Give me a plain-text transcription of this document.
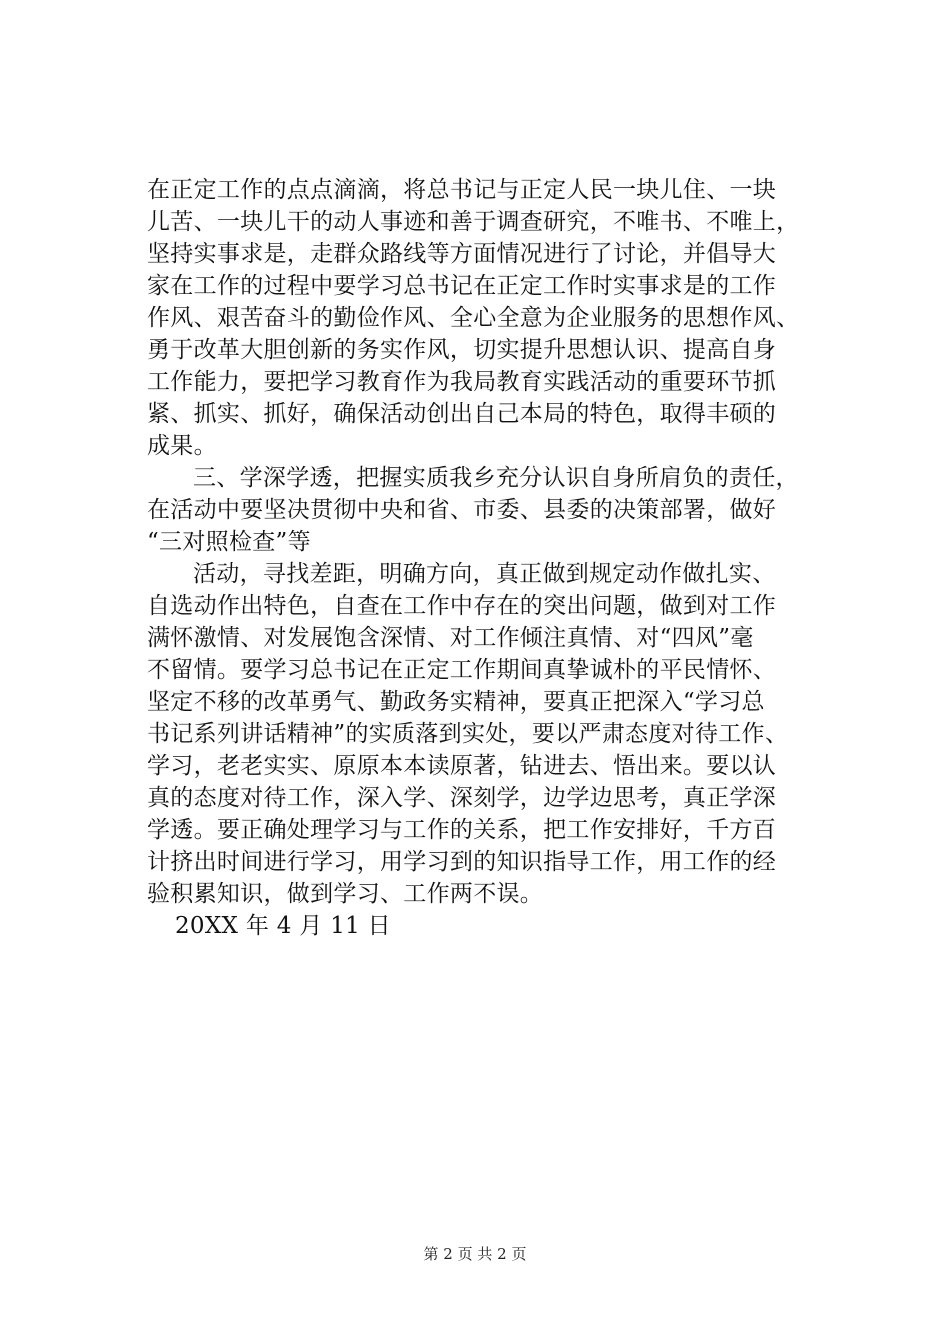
在正定工作的点点滴滴，将总书记与正定人民一块儿住、一块
儿苦、一块儿干的动人事迹和善于调查研究，不唯书、不唯上，
坚持实事求是，走群众路线等方面情况进行了讨论，并倡导大
家在工作的过程中要学习总书记在正定工作时实事求是的工作
作风、艰苦奋斗的勤俭作风、全心全意为企业服务的思想作风、
勇于改革大胆创新的务实作风，切实提升思想认识、提高自身
工作能力，要把学习教育作为我局教育实践活动的重要环节抓
紧、抓实、抓好，确保活动创出自己本局的特色，取得丰硕的
成果。
三、学深学透，把握实质我乡充分认识自身所肩负的责任，
在活动中要坚决贯彻中央和省、市委、县委的决策部署，做好
“三对照检查”等
活动，寻找差距，明确方向，真正做到规定动作做扎实、
自选动作出特色，自查在工作中存在的突出问题，做到对工作
满怀激情、对发展饱含深情、对工作倾注真情、对“四风”毫
不留情。要学习总书记在正定工作期间真挚诚朴的平民情怀、
坚定不移的改革勇气、勤政务实精神，要真正把深入“学习总
书记系列讲话精神”的实质落到实处，要以严肃态度对待工作、
学习，老老实实、原原本本读原著，钻进去、悟出来。要以认
真的态度对待工作，深入学、深刻学，边学边思考，真正学深
学透。要正确处理学习与工作的关系，把工作安排好，千方百
计挤出时间进行学习，用学习到的知识指导工作，用工作的经
验积累知识，做到学习、工作两不误。
20XX 年 4 月 11 日
第 2 页 共 2 页
